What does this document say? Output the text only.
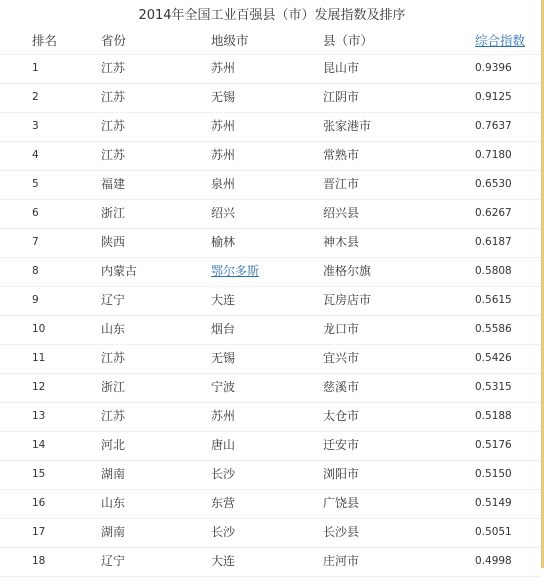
2014年全国工业百强县（市）发展指数及排序
排名	省份	地级市	县（市）	综合指数
1	江苏	苏州	昆山市	0.9396
2	江苏	无锡	江阴市	0.9125
3	江苏	苏州	张家港市	0.7637
4	江苏	苏州	常熟市	0.7180
5	福建	泉州	晋江市	0.6530
6	浙江	绍兴	绍兴县	0.6267
7	陕西	榆林	神木县	0.6187
8	内蒙古	鄂尔多斯	准格尔旗	0.5808
9	辽宁	大连	瓦房店市	0.5615
10	山东	烟台	龙口市	0.5586
11	江苏	无锡	宜兴市	0.5426
12	浙江	宁波	慈溪市	0.5315
13	江苏	苏州	太仓市	0.5188
14	河北	唐山	迁安市	0.5176
15	湖南	长沙	浏阳市	0.5150
16	山东	东营	广饶县	0.5149
17	湖南	长沙	长沙县	0.5051
18	辽宁	大连	庄河市	0.4998
